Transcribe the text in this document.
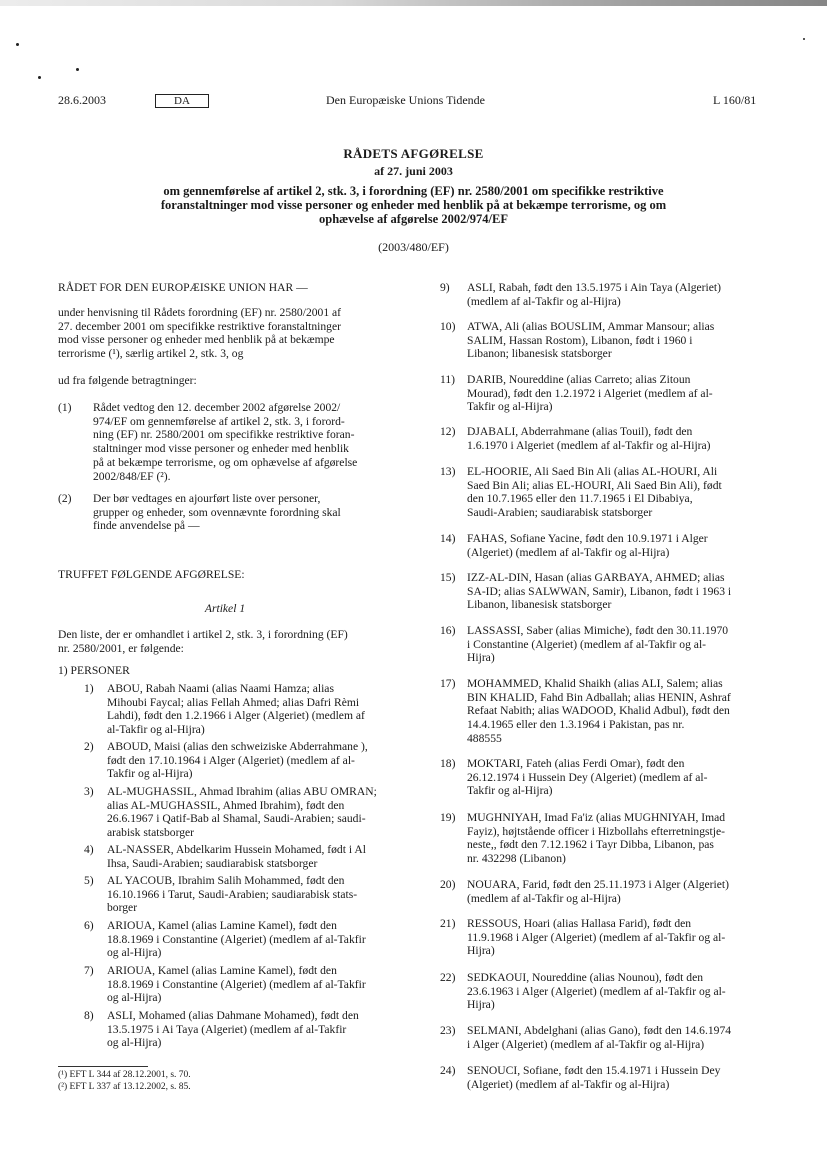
28.6.2003	DA	Den Europæiske Unions Tidende	L 160/81
RÅDETS AFGØRELSE
af 27. juni 2003
om gennemførelse af artikel 2, stk. 3, i forordning (EF) nr. 2580/2001 om specifikke restriktive
foranstaltninger mod visse personer og enheder med henblik på at bekæmpe terrorisme, og om
ophævelse af afgørelse 2002/974/EF
(2003/480/EF)
RÅDET FOR DEN EUROPÆISKE UNION HAR —
under henvisning til Rådets forordning (EF) nr. 2580/2001 af
27. december 2001 om specifikke restriktive foranstaltninger
mod visse personer og enheder med henblik på at bekæmpe
terrorisme (¹), særlig artikel 2, stk. 3, og
ud fra følgende betragtninger:
(1) Rådet vedtog den 12. december 2002 afgørelse 2002/
974/EF om gennemførelse af artikel 2, stk. 3, i forord-
ning (EF) nr. 2580/2001 om specifikke restriktive foran-
staltninger mod visse personer og enheder med henblik
på at bekæmpe terrorisme, og om ophævelse af afgørelse
2002/848/EF (²).
(2) Der bør vedtages en ajourført liste over personer,
grupper og enheder, som ovennævnte forordning skal
finde anvendelse på —
TRUFFET FØLGENDE AFGØRELSE:
Artikel 1
Den liste, der er omhandlet i artikel 2, stk. 3, i forordning (EF)
nr. 2580/2001, er følgende:
1) PERSONER
1) ABOU, Rabah Naami (alias Naami Hamza; alias
Mihoubi Faycal; alias Fellah Ahmed; alias Dafri Rèmi
Lahdi), født den 1.2.1966 i Alger (Algeriet) (medlem af
al-Takfir og al-Hijra)
2) ABOUD, Maisi (alias den schweiziske Abderrahmane ),
født den 17.10.1964 i Alger (Algeriet) (medlem af al-
Takfir og al-Hijra)
3) AL-MUGHASSIL, Ahmad Ibrahim (alias ABU OMRAN;
alias AL-MUGHASSIL, Ahmed Ibrahim), født den
26.6.1967 i Qatif-Bab al Shamal, Saudi-Arabien; saudi-
arabisk statsborger
4) AL-NASSER, Abdelkarim Hussein Mohamed, født i Al
Ihsa, Saudi-Arabien; saudiarabisk statsborger
5) AL YACOUB, Ibrahim Salih Mohammed, født den
16.10.1966 i Tarut, Saudi-Arabien; saudiarabisk stats-
borger
6) ARIOUA, Kamel (alias Lamine Kamel), født den
18.8.1969 i Constantine (Algeriet) (medlem af al-Takfir
og al-Hijra)
7) ARIOUA, Kamel (alias Lamine Kamel), født den
18.8.1969 i Constantine (Algeriet) (medlem af al-Takfir
og al-Hijra)
8) ASLI, Mohamed (alias Dahmane Mohamed), født den
13.5.1975 i Ai Taya (Algeriet) (medlem af al-Takfir
og al-Hijra)
(¹) EFT L 344 af 28.12.2001, s. 70.
(²) EFT L 337 af 13.12.2002, s. 85.
9) ASLI, Rabah, født den 13.5.1975 i Ain Taya (Algeriet)
(medlem af al-Takfir og al-Hijra)
10) ATWA, Ali (alias BOUSLIM, Ammar Mansour; alias
SALIM, Hassan Rostom), Libanon, født i 1960 i
Libanon; libanesisk statsborger
11) DARIB, Noureddine (alias Carreto; alias Zitoun
Mourad), født den 1.2.1972 i Algeriet (medlem af al-
Takfir og al-Hijra)
12) DJABALI, Abderrahmane (alias Touil), født den
1.6.1970 i Algeriet (medlem af al-Takfir og al-Hijra)
13) EL-HOORIE, Ali Saed Bin Ali (alias AL-HOURI, Ali
Saed Bin Ali; alias EL-HOURI, Ali Saed Bin Ali), født
den 10.7.1965 eller den 11.7.1965 i El Dibabiya,
Saudi-Arabien; saudiarabisk statsborger
14) FAHAS, Sofiane Yacine, født den 10.9.1971 i Alger
(Algeriet) (medlem af al-Takfir og al-Hijra)
15) IZZ-AL-DIN, Hasan (alias GARBAYA, AHMED; alias
SA-ID; alias SALWWAN, Samir), Libanon, født i 1963 i
Libanon, libanesisk statsborger
16) LASSASSI, Saber (alias Mimiche), født den 30.11.1970
i Constantine (Algeriet) (medlem af al-Takfir og al-
Hijra)
17) MOHAMMED, Khalid Shaikh (alias ALI, Salem; alias
BIN KHALID, Fahd Bin Adballah; alias HENIN, Ashraf
Refaat Nabith; alias WADOOD, Khalid Adbul), født den
14.4.1965 eller den 1.3.1964 i Pakistan, pas nr.
488555
18) MOKTARI, Fateh (alias Ferdi Omar), født den
26.12.1974 i Hussein Dey (Algeriet) (medlem af al-
Takfir og al-Hijra)
19) MUGHNIYAH, Imad Fa'iz (alias MUGHNIYAH, Imad
Fayiz), højtstående officer i Hizbollahs efterretningstje-
neste,, født den 7.12.1962 i Tayr Dibba, Libanon, pas
nr. 432298 (Libanon)
20) NOUARA, Farid, født den 25.11.1973 i Alger (Algeriet)
(medlem af al-Takfir og al-Hijra)
21) RESSOUS, Hoari (alias Hallasa Farid), født den
11.9.1968 i Alger (Algeriet) (medlem af al-Takfir og al-
Hijra)
22) SEDKAOUI, Noureddine (alias Nounou), født den
23.6.1963 i Alger (Algeriet) (medlem af al-Takfir og al-
Hijra)
23) SELMANI, Abdelghani (alias Gano), født den 14.6.1974
i Alger (Algeriet) (medlem af al-Takfir og al-Hijra)
24) SENOUCI, Sofiane, født den 15.4.1971 i Hussein Dey
(Algeriet) (medlem af al-Takfir og al-Hijra)
